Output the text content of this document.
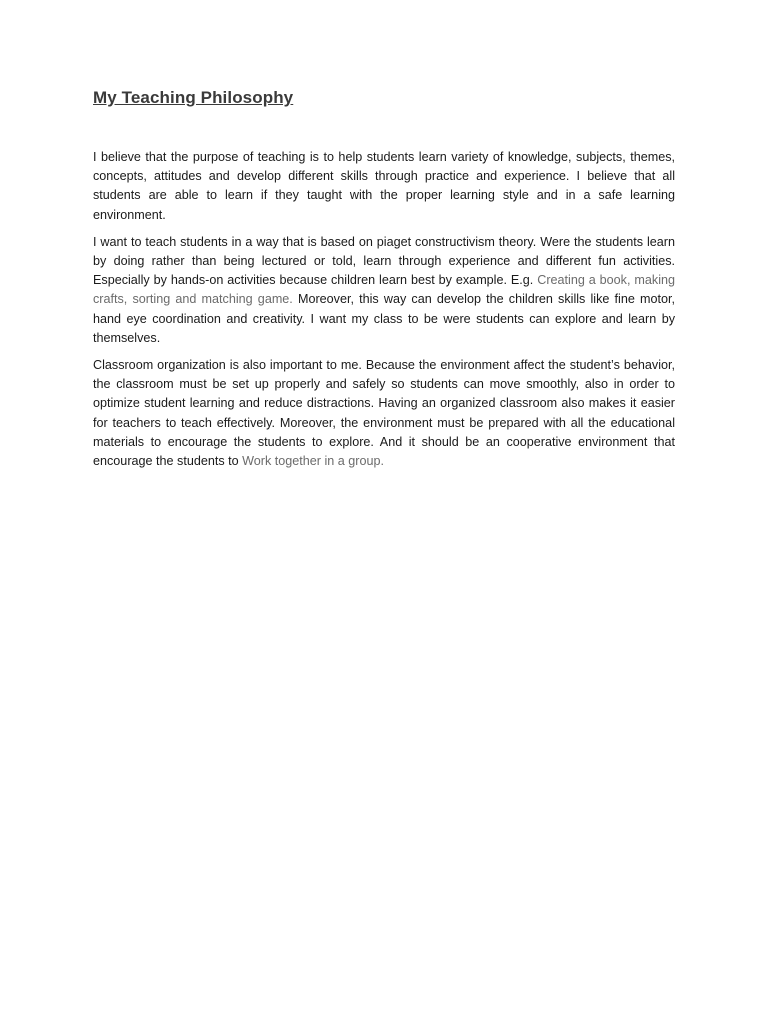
My Teaching Philosophy

I believe that the purpose of teaching is to help students learn variety of knowledge, subjects, themes, concepts, attitudes and develop different skills through practice and experience. I believe that all students are able to learn if they taught with the proper learning style and in a safe learning environment.

I want to teach students in a way that is based on piaget constructivism theory. Were the students learn by doing rather than being lectured or told, learn through experience and different fun activities. Especially by hands-on activities because children learn best by example. E.g. Creating a book, making crafts, sorting and matching game. Moreover, this way can develop the children skills like fine motor, hand eye coordination and creativity. I want my class to be were students can explore and learn by themselves.

Classroom organization is also important to me. Because the environment affect the student’s behavior, the classroom must be set up properly and safely so students can move smoothly, also in order to optimize student learning and reduce distractions. Having an organized classroom also makes it easier for teachers to teach effectively. Moreover, the environment must be prepared with all the educational materials to encourage the students to explore. And it should be an cooperative environment that encourage the students to Work together in a group.
